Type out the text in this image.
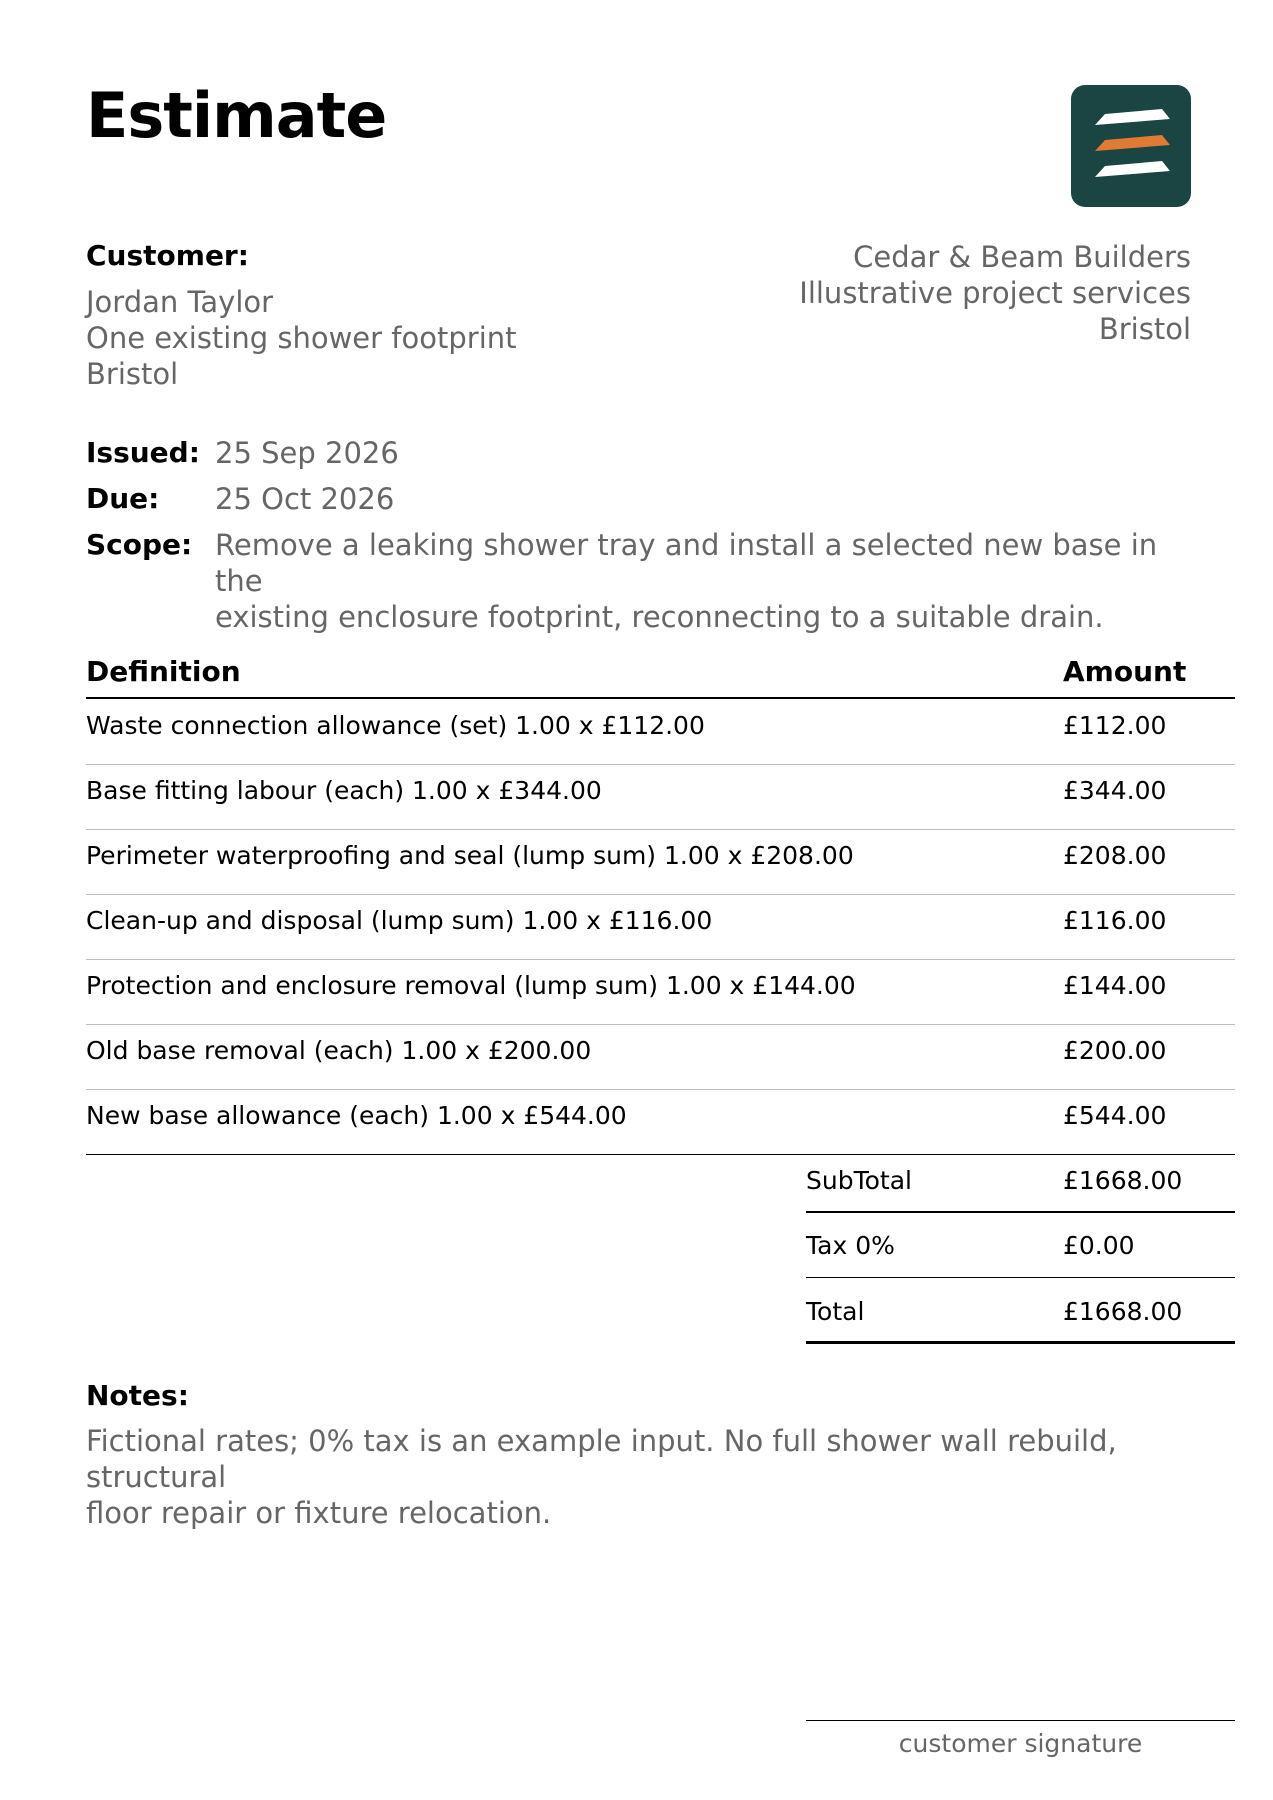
Estimate
Customer:
Jordan Taylor
One existing shower footprint
Bristol
Cedar & Beam Builders
Illustrative project services
Bristol
Issued: 25 Sep 2026
Due: 25 Oct 2026
Scope: Remove a leaking shower tray and install a selected new base in the
existing enclosure footprint, reconnecting to a suitable drain.
Definition	Amount
Waste connection allowance (set) 1.00 x £112.00	£112.00
Base fitting labour (each) 1.00 x £344.00	£344.00
Perimeter waterproofing and seal (lump sum) 1.00 x £208.00	£208.00
Clean-up and disposal (lump sum) 1.00 x £116.00	£116.00
Protection and enclosure removal (lump sum) 1.00 x £144.00	£144.00
Old base removal (each) 1.00 x £200.00	£200.00
New base allowance (each) 1.00 x £544.00	£544.00
SubTotal	£1668.00
Tax 0%	£0.00
Total	£1668.00
Notes:
Fictional rates; 0% tax is an example input. No full shower wall rebuild, structural
floor repair or fixture relocation.
customer signature
